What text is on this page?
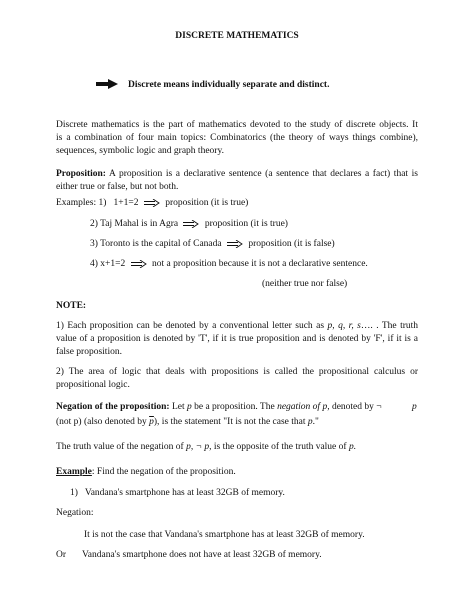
DISCRETE MATHEMATICS
Discrete means individually separate and distinct.
Discrete mathematics is the part of mathematics devoted to the study of discrete objects. It
is a combination of four main topics: Combinatorics (the theory of ways things combine),
sequences, symbolic logic and graph theory.
Proposition: A proposition is a declarative sentence (a sentence that declares a fact) that is
either true or false, but not both.
Examples: 1) 1+1=2	proposition (it is true)
2) Taj Mahal is in Agra	proposition (it is true)
3) Toronto is the capital of Canada	proposition (it is false)
4) x+1=2	not a proposition because it is not a declarative sentence.
(neither true nor false)
NOTE:
1) Each proposition can be denoted by a conventional letter such as p, q, r, s…. . The truth
value of a proposition is denoted by 'T', if it is true proposition and is denoted by 'F', if it is a
false proposition.
2) The area of logic that deals with propositions is called the propositional calculus or
propositional logic.
Negation of the proposition: Let p be a proposition. The negation of p, denoted by ¬	p
(not p) (also denoted by $\overline{p}$), is the statement "It is not the case that p."
The truth value of the negation of p, ¬ p, is the opposite of the truth value of p.
Example: Find the negation of the proposition.
1) Vandana's smartphone has at least 32GB of memory.
Negation:
It is not the case that Vandana's smartphone has at least 32GB of memory.
Or Vandana's smartphone does not have at least 32GB of memory.
